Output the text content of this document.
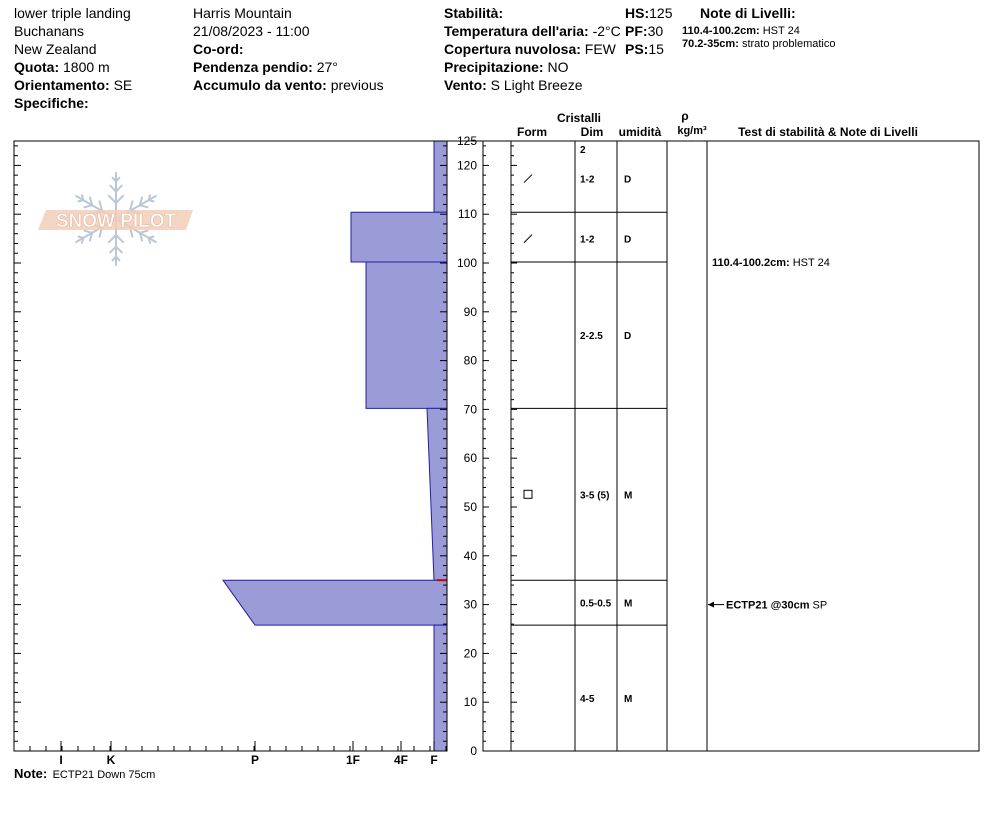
lower triple landing
Buchanans
New Zealand
Quota: 1800 m
Orientamento: SE
Specifiche:
Harris Mountain
21/08/2023 - 11:00
Co-ord:
Pendenza pendio: 27°
Accumulo da vento: previous
Stabilità:
Temperatura dell'aria: -2°C
Copertura nuvolosa: FEW
Precipitazione: NO
Vento: S Light Breeze
HS:125
PF:30
PS:15
Note di Livelli:
110.4-100.2cm: HST 24
70.2-35cm: strato problematico
SNOW PILOT
0
10
20
30
40
50
60
70
80
90
100
110
120
125
I	K	P	1F	4F F
2
1-2	D
1-2	D
2-2.5 D
3-5 (5) M
0.5-0.5 M
4-5	M
Cristalli
Form	Dim umidità
ρ
kg/m³	Test di stabilità & Note di Livelli
110.4-100.2cm: HST 24
ECTP21 @30cm SP
Note: ECTP21 Down 75cm
